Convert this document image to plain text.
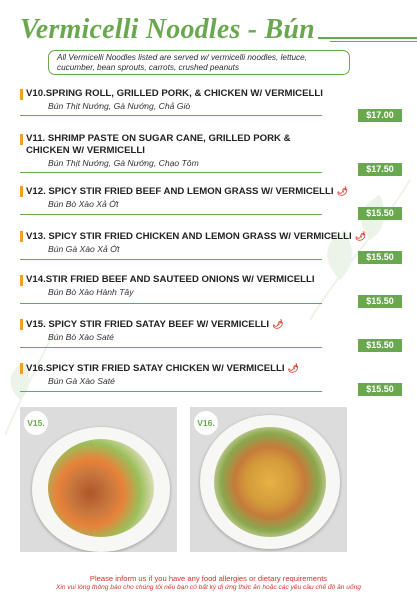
Vermicelli Noodles - Bún
All Vermicelli Noodles listed are served w/ vermicelli noodles, lettuce, cucumber, bean sprouts, carrots, crushed peanuts
V10.SPRING ROLL, GRILLED PORK, & CHICKEN W/ VERMICELLI
Bún Thịt Nướng, Gà Nướng, Chả Giò
$17.00
V11. SHRIMP PASTE ON SUGAR CANE, GRILLED PORK & CHICKEN W/ VERMICELLI
Bún Thịt Nướng, Gà Nướng, Chạo Tôm
$17.50
V12. SPICY STIR FRIED BEEF AND LEMON GRASS W/ VERMICELLI 🌶
Bún Bò Xào Xả Ớt
$15.50
V13. SPICY STIR FRIED CHICKEN AND LEMON GRASS W/ VERMICELLI 🌶
Bún Gà Xào Xả Ớt
$15.50
V14.STIR FRIED BEEF AND SAUTEED ONIONS W/ VERMICELLI
Bún Bò Xào Hành Tây
$15.50
V15. SPICY STIR FRIED SATAY BEEF W/ VERMICELLI 🌶
Bún Bò Xào Saté
$15.50
V16.SPICY STIR FRIED SATAY CHICKEN W/ VERMICELLI 🌶
Bún Gà Xào Saté
$15.50
V15.	V16.
Please inform us if you have any food allergies or dietary requirements
Xin vui lòng thông báo cho chúng tôi nếu bạn có bất kỳ dị ứng thức ăn hoặc các yêu cầu chế độ ăn uống
